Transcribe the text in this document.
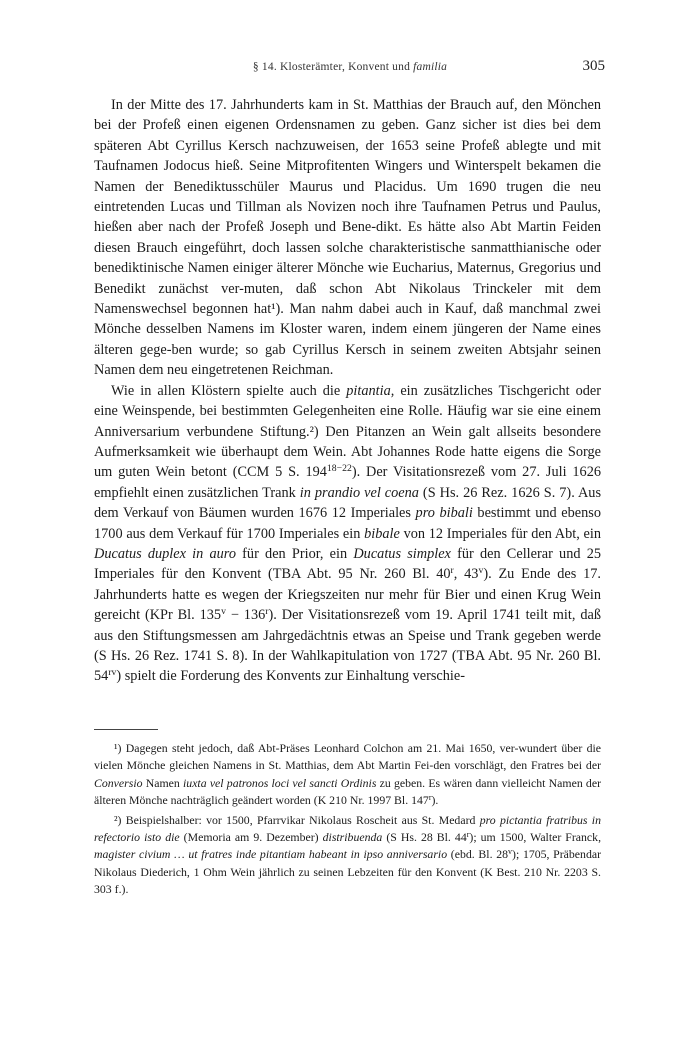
§ 14. Klosterämter, Konvent und familia	305

In der Mitte des 17. Jahrhunderts kam in St. Matthias der Brauch auf, den Mönchen bei der Profeß einen eigenen Ordensnamen zu geben. Ganz sicher ist dies bei dem späteren Abt Cyrillus Kersch nachzuweisen, der 1653 seine Profeß ablegte und mit Taufnamen Jodocus hieß. Seine Mitprofitenten Wingers und Winterspelt bekamen die Namen der Benediktusschüler Maurus und Placidus. Um 1690 trugen die neu eintretenden Lucas und Tillman als Novizen noch ihre Taufnamen Petrus und Paulus, hießen aber nach der Profeß Joseph und Bene-dikt. Es hätte also Abt Martin Feiden diesen Brauch eingeführt, doch lassen solche charakteristische sanmatthianische oder benediktinische Namen einiger älterer Mönche wie Eucharius, Maternus, Gregorius und Benedikt zunächst ver-muten, daß schon Abt Nikolaus Trinckeler mit dem Namenswechsel begonnen hat¹). Man nahm dabei auch in Kauf, daß manchmal zwei Mönche desselben Namens im Kloster waren, indem einem jüngeren der Name eines älteren gege-ben wurde; so gab Cyrillus Kersch in seinem zweiten Abtsjahr seinen Namen dem neu eingetretenen Reichman.

Wie in allen Klöstern spielte auch die pitantia, ein zusätzliches Tischgericht oder eine Weinspende, bei bestimmten Gelegenheiten eine Rolle. Häufig war sie eine einem Anniversarium verbundene Stiftung.²) Den Pitanzen an Wein galt allseits besondere Aufmerksamkeit wie überhaupt dem Wein. Abt Johannes Rode hatte eigens die Sorge um guten Wein betont (CCM 5 S. $194^{18-22}$). Der Visitationsrezeß vom 27. Juli 1626 empfiehlt einen zusätzlichen Trank in prandio vel coena (S Hs. 26 Rez. 1626 S. 7). Aus dem Verkauf von Bäumen wurden 1676 12 Imperiales pro bibali bestimmt und ebenso 1700 aus dem Verkauf für 1700 Imperiales ein bibale von 12 Imperiales für den Abt, ein Ducatus duplex in auro für den Prior, ein Ducatus simplex für den Cellerar und 25 Imperiales für den Konvent (TBA Abt. 95 Nr. 260 Bl. 40$^r$, 43$^v$). Zu Ende des 17. Jahrhunderts hatte es wegen der Kriegszeiten nur mehr für Bier und einen Krug Wein gereicht (KPr Bl. $135^v - 136^r$). Der Visitationsrezeß vom 19. April 1741 teilt mit, daß aus den Stiftungsmessen am Jahrgedächtnis etwas an Speise und Trank gegeben werde (S Hs. 26 Rez. 1741 S. 8). In der Wahlkapitulation von 1727 (TBA Abt. 95 Nr. 260 Bl. $54^{rv}$) spielt die Forderung des Konvents zur Einhaltung verschie-

¹) Dagegen steht jedoch, daß Abt-Präses Leonhard Colchon am 21. Mai 1650, ver-wundert über die vielen Mönche gleichen Namens in St. Matthias, dem Abt Martin Fei-den vorschlägt, den Fratres bei der Conversio Namen iuxta vel patronos loci vel sancti Ordinis zu geben. Es wären dann vielleicht Namen der älteren Mönche nachträglich geändert worden (K 210 Nr. 1997 Bl. 147$^r$).

²) Beispielshalber: vor 1500, Pfarrvikar Nikolaus Roscheit aus St. Medard pro pictantia fratribus in refectorio isto die (Memoria am 9. Dezember) distribuenda (S Hs. 28 Bl. 44$^r$); um 1500, Walter Franck, magister civium … ut fratres inde pitantiam habeant in ipso anniversario (ebd. Bl. 28$^v$); 1705, Präbendar Nikolaus Diederich, 1 Ohm Wein jährlich zu seinen Lebzeiten für den Konvent (K Best. 210 Nr. 2203 S. 303 f.).
